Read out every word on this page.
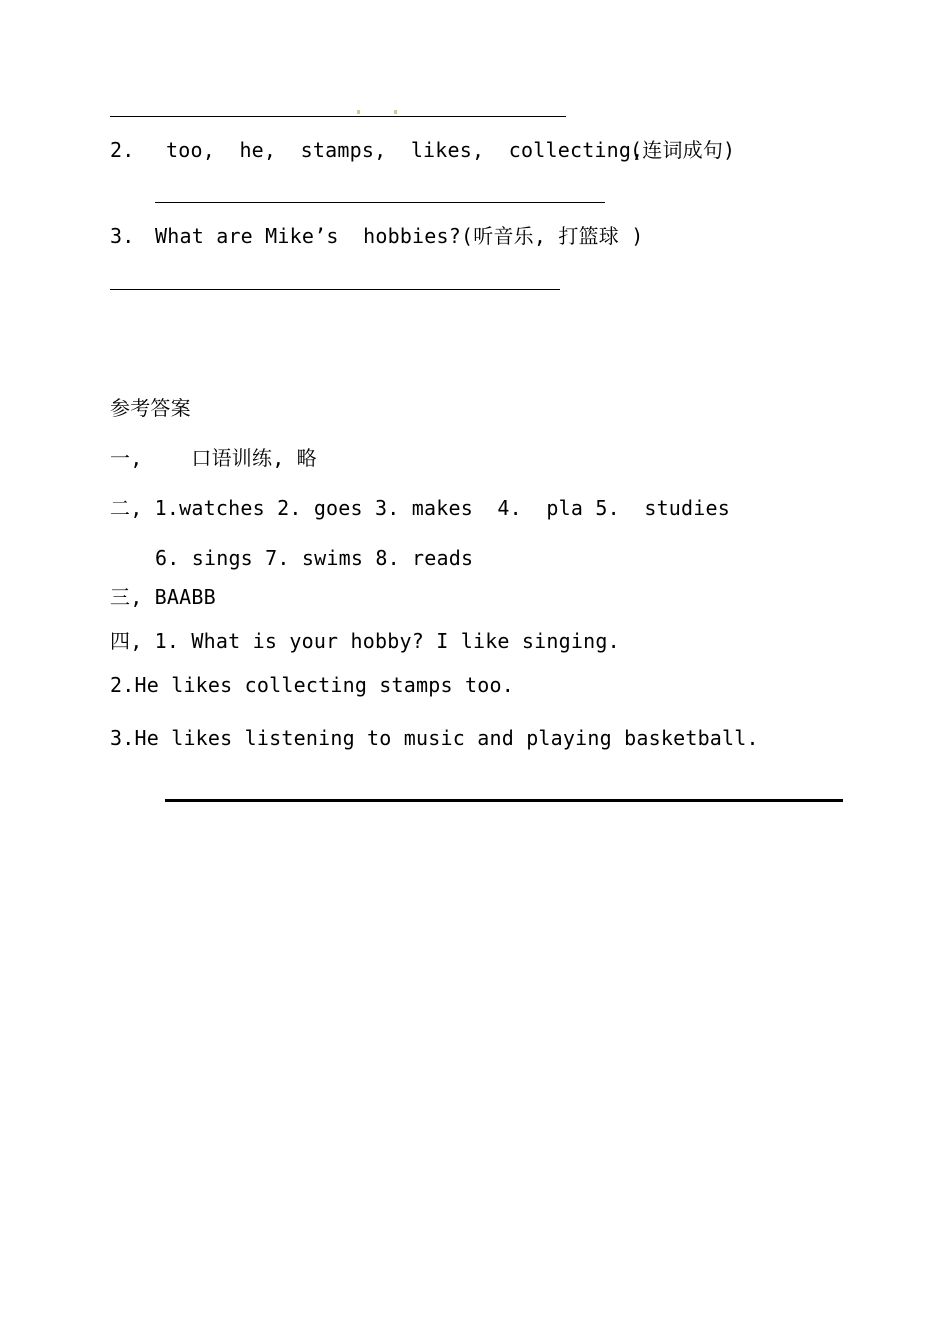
2. too,  he,  stamps,  likes,  collecting,
(连词成句)
3. What are Mike’s  hobbies?(听音乐, 打篮球 )
参考答案
一,    口语训练, 略
二, 1.watches 2. goes 3. makes  4.  pla 5.  studies
6. sings 7. swims 8. reads
三, BAABB
四, 1. What is your hobby? I like singing.
2.He likes collecting stamps too.
3.He likes listening to music and playing basketball.
